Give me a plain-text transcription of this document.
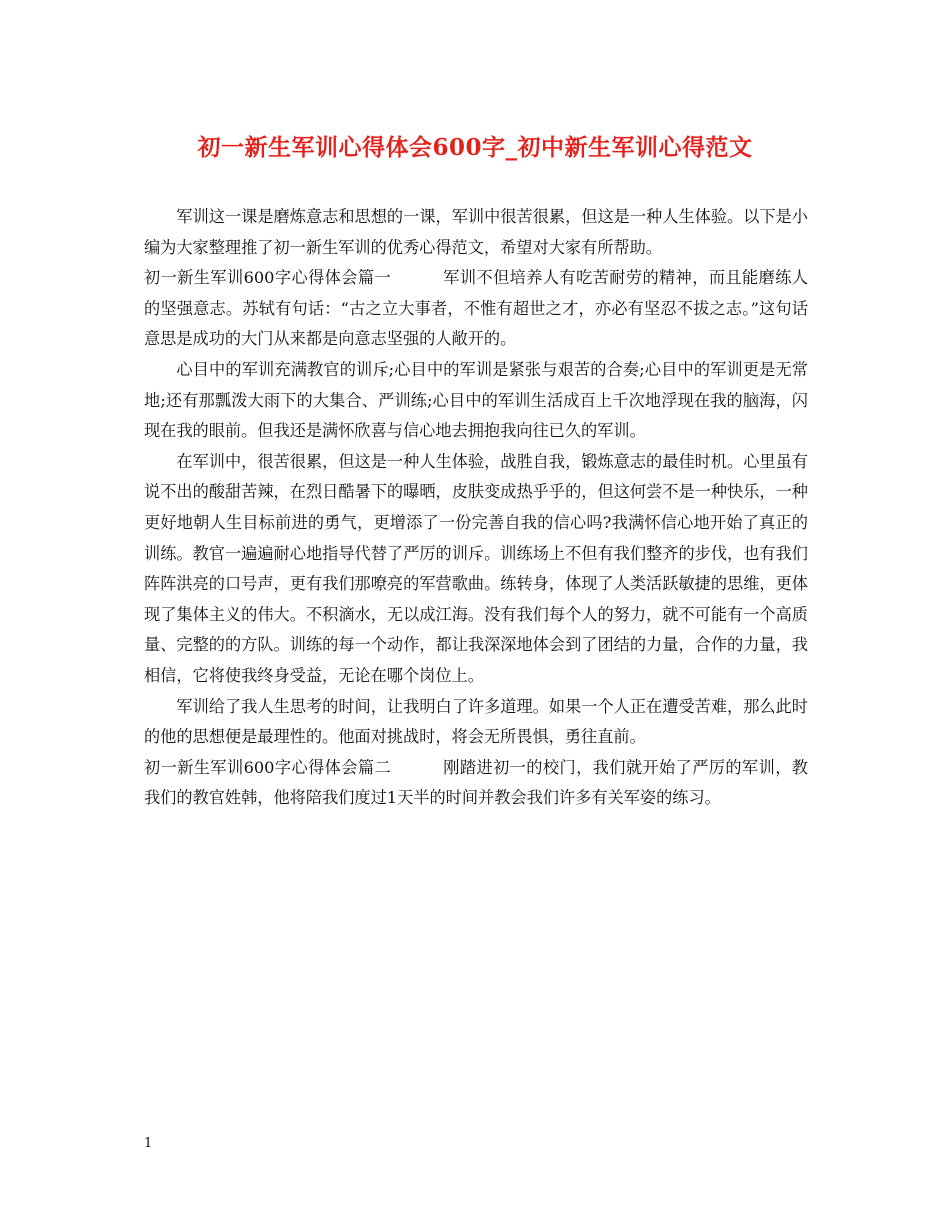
初一新生军训心得体会600字_初中新生军训心得范文

军训这一课是磨炼意志和思想的一课，军训中很苦很累，但这是一种人生体验。以下是小编为大家整理推了初一新生军训的优秀心得范文，希望对大家有所帮助。

初一新生军训600字心得体会篇一	军训不但培养人有吃苦耐劳的精神，而且能磨练人的坚强意志。苏轼有句话：“古之立大事者，不惟有超世之才，亦必有坚忍不拔之志。”这句话意思是成功的大门从来都是向意志坚强的人敞开的。

心目中的军训充满教官的训斥;心目中的军训是紧张与艰苦的合奏;心目中的军训更是无常地;还有那瓢泼大雨下的大集合、严训练;心目中的军训生活成百上千次地浮现在我的脑海，闪现在我的眼前。但我还是满怀欣喜与信心地去拥抱我向往已久的军训。

在军训中，很苦很累，但这是一种人生体验，战胜自我，锻炼意志的最佳时机。心里虽有说不出的酸甜苦辣，在烈日酷暑下的曝晒，皮肤变成热乎乎的，但这何尝不是一种快乐，一种更好地朝人生目标前进的勇气，更增添了一份完善自我的信心吗?我满怀信心地开始了真正的训练。教官一遍遍耐心地指导代替了严厉的训斥。训练场上不但有我们整齐的步伐，也有我们阵阵洪亮的口号声，更有我们那嘹亮的军营歌曲。练转身，体现了人类活跃敏捷的思维，更体现了集体主义的伟大。不积滴水，无以成江海。没有我们每个人的努力，就不可能有一个高质量、完整的的方队。训练的每一个动作，都让我深深地体会到了团结的力量，合作的力量，我相信，它将使我终身受益，无论在哪个岗位上。

军训给了我人生思考的时间，让我明白了许多道理。如果一个人正在遭受苦难，那么此时的他的思想便是最理性的。他面对挑战时，将会无所畏惧，勇往直前。

初一新生军训600字心得体会篇二	刚踏进初一的校门，我们就开始了严厉的军训，教我们的教官姓韩，他将陪我们度过1天半的时间并教会我们许多有关军姿的练习。

1
